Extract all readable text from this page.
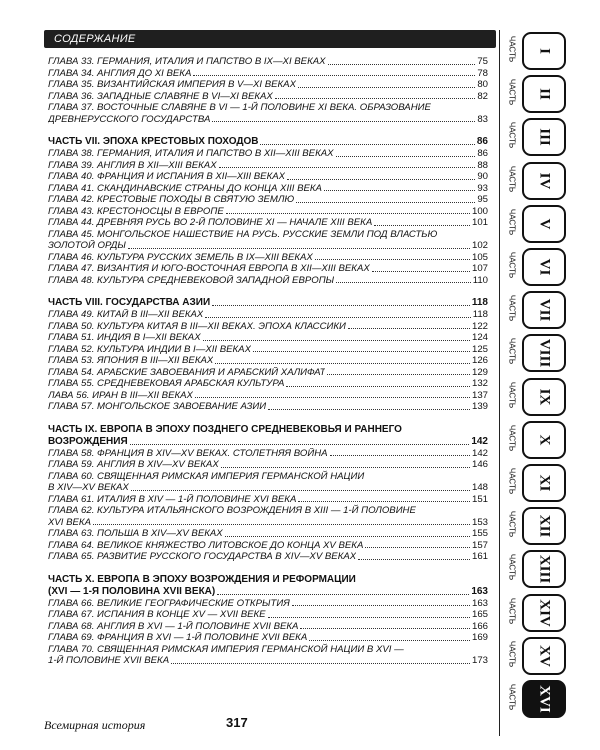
СОДЕРЖАНИЕ
ГЛАВА 33. ГЕРМАНИЯ, ИТАЛИЯ И ПАПСТВО В IX—XI ВЕКАХ	75
ГЛАВА 34. АНГЛИЯ ДО XI ВЕКА	78
ГЛАВА 35. ВИЗАНТИЙСКАЯ ИМПЕРИЯ В V—XI ВЕКАХ	80
ГЛАВА 36. ЗАПАДНЫЕ СЛАВЯНЕ В VI—XI ВЕКАХ	82
ГЛАВА 37. ВОСТОЧНЫЕ СЛАВЯНЕ В VI — 1-Й ПОЛОВИНЕ XI ВЕКА. ОБРАЗОВАНИЕ
ДРЕВНЕРУССКОГО ГОСУДАРСТВА	83
ЧАСТЬ VII. ЭПОХА КРЕСТОВЫХ ПОХОДОВ	86
ГЛАВА 38. ГЕРМАНИЯ, ИТАЛИЯ И ПАПСТВО В XII—XIII ВЕКАХ	86
ГЛАВА 39. АНГЛИЯ В XII—XIII ВЕКАХ	88
ГЛАВА 40. ФРАНЦИЯ И ИСПАНИЯ В XII—XIII ВЕКАХ	90
ГЛАВА 41. СКАНДИНАВСКИЕ СТРАНЫ ДО КОНЦА XIII ВЕКА	93
ГЛАВА 42. КРЕСТОВЫЕ ПОХОДЫ В СВЯТУЮ ЗЕМЛЮ	95
ГЛАВА 43. КРЕСТОНОСЦЫ В ЕВРОПЕ	100
ГЛАВА 44. ДРЕВНЯЯ РУСЬ ВО 2-Й ПОЛОВИНЕ XI — НАЧАЛЕ XIII ВЕКА	101
ГЛАВА 45. МОНГОЛЬСКОЕ НАШЕСТВИЕ НА РУСЬ. РУССКИЕ ЗЕМЛИ ПОД ВЛАСТЬЮ
ЗОЛОТОЙ ОРДЫ	102
ГЛАВА 46. КУЛЬТУРА РУССКИХ ЗЕМЕЛЬ В IX—XIII ВЕКАХ	105
ГЛАВА 47. ВИЗАНТИЯ И ЮГО-ВОСТОЧНАЯ ЕВРОПА В XII—XIII ВЕКАХ	107
ГЛАВА 48. КУЛЬТУРА СРЕДНЕВЕКОВОЙ ЗАПАДНОЙ ЕВРОПЫ	110
ЧАСТЬ VIII. ГОСУДАРСТВА АЗИИ	118
ГЛАВА 49. КИТАЙ В III—XII ВЕКАХ	118
ГЛАВА 50. КУЛЬТУРА КИТАЯ В III—XII ВЕКАХ. ЭПОХА КЛАССИКИ	122
ГЛАВА 51. ИНДИЯ В I—XII ВЕКАХ	124
ГЛАВА 52. КУЛЬТУРА ИНДИИ В I—XII ВЕКАХ	125
ГЛАВА 53. ЯПОНИЯ В III—XII ВЕКАХ	126
ГЛАВА 54. АРАБСКИЕ ЗАВОЕВАНИЯ И АРАБСКИЙ ХАЛИФАТ	129
ГЛАВА 55. СРЕДНЕВЕКОВАЯ АРАБСКАЯ КУЛЬТУРА	132
ЛАВА 56. ИРАН В III—XII ВЕКАХ	137
ГЛАВА 57. МОНГОЛЬСКОЕ ЗАВОЕВАНИЕ АЗИИ	139
ЧАСТЬ IX. ЕВРОПА В ЭПОХУ ПОЗДНЕГО СРЕДНЕВЕКОВЬЯ И РАННЕГО
ВОЗРОЖДЕНИЯ	142
ГЛАВА 58. ФРАНЦИЯ В XIV—XV ВЕКАХ. СТОЛЕТНЯЯ ВОЙНА	142
ГЛАВА 59. АНГЛИЯ В XIV—XV ВЕКАХ	146
ГЛАВА 60. СВЯЩЕННАЯ РИМСКАЯ ИМПЕРИЯ ГЕРМАНСКОЙ НАЦИИ
В XIV—XV ВЕКАХ	148
ГЛАВА 61. ИТАЛИЯ В XIV — 1-Й ПОЛОВИНЕ XVI ВЕКА	151
ГЛАВА 62. КУЛЬТУРА ИТАЛЬЯНСКОГО ВОЗРОЖДЕНИЯ В XIII — 1-Й ПОЛОВИНЕ
XVI ВЕКА	153
ГЛАВА 63. ПОЛЬША В XIV—XV ВЕКАХ	155
ГЛАВА 64. ВЕЛИКОЕ КНЯЖЕСТВО ЛИТОВСКОЕ ДО КОНЦА XV ВЕКА	157
ГЛАВА 65. РАЗВИТИЕ РУССКОГО ГОСУДАРСТВА В XIV—XV ВЕКАХ	161
ЧАСТЬ X. ЕВРОПА В ЭПОХУ ВОЗРОЖДЕНИЯ И РЕФОРМАЦИИ
(XVI — 1-Я ПОЛОВИНА XVII ВЕКА)	163
ГЛАВА 66. ВЕЛИКИЕ ГЕОГРАФИЧЕСКИЕ ОТКРЫТИЯ	163
ГЛАВА 67. ИСПАНИЯ В КОНЦЕ XV — XVII ВЕКЕ	165
ГЛАВА 68. АНГЛИЯ В XVI — 1-Й ПОЛОВИНЕ XVII ВЕКА	166
ГЛАВА 69. ФРАНЦИЯ В XVI — 1-Й ПОЛОВИНЕ XVII ВЕКА	169
ГЛАВА 70. СВЯЩЕННАЯ РИМСКАЯ ИМПЕРИЯ ГЕРМАНСКОЙ НАЦИИ В XVI —
1-Й ПОЛОВИНЕ XVII ВЕКА	173
ЧАСТЬ I
ЧАСТЬ II
ЧАСТЬ III
ЧАСТЬ IV
ЧАСТЬ V
ЧАСТЬ VI
ЧАСТЬ VII
ЧАСТЬ VIII
ЧАСТЬ IX
ЧАСТЬ X
ЧАСТЬ XI
ЧАСТЬ XII
ЧАСТЬ XIII
ЧАСТЬ XIV
ЧАСТЬ XV
ЧАСТЬ XVI
Всемирная история	317
